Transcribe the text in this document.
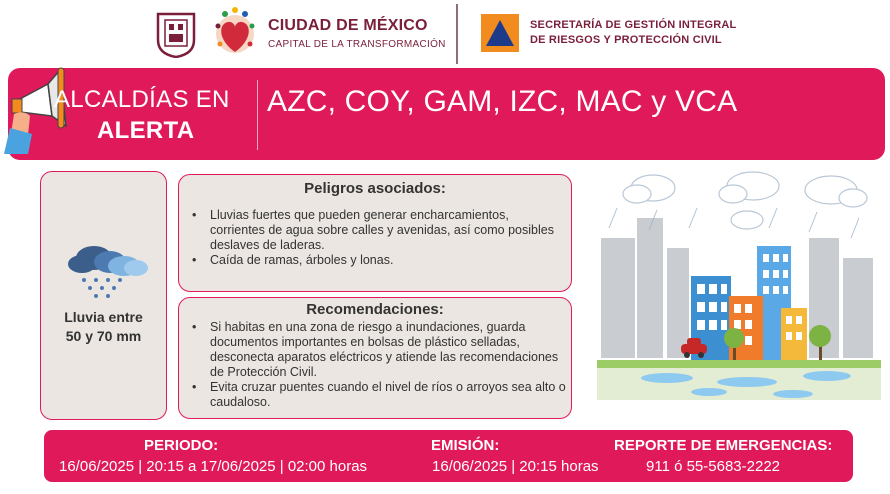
CIUDAD DE MÉXICO
CAPITAL DE LA TRANSFORMACIÓN
SECRETARÍA DE GESTIÓN INTEGRAL
DE RIESGOS Y PROTECCIÓN CIVIL
ALCALDÍAS EN
ALERTA
AZC, COY, GAM, IZC, MAC y VCA
Lluvia entre
50 y 70 mm
Peligros asociados:
• Lluvias fuertes que pueden generar encharcamientos, corrientes de agua sobre calles y avenidas, así como posibles deslaves de laderas.
• Caída de ramas, árboles y lonas.
Recomendaciones:
• Si habitas en una zona de riesgo a inundaciones, guarda documentos importantes en bolsas de plástico selladas, desconecta aparatos eléctricos y atiende las recomendaciones de Protección Civil.
• Evita cruzar puentes cuando el nivel de ríos o arroyos sea alto o caudaloso.
PERIODO:
16/06/2025 | 20:15 a 17/06/2025 | 02:00 horas
EMISIÓN:
16/06/2025 | 20:15 horas
REPORTE DE EMERGENCIAS:
911 ó 55-5683-2222
